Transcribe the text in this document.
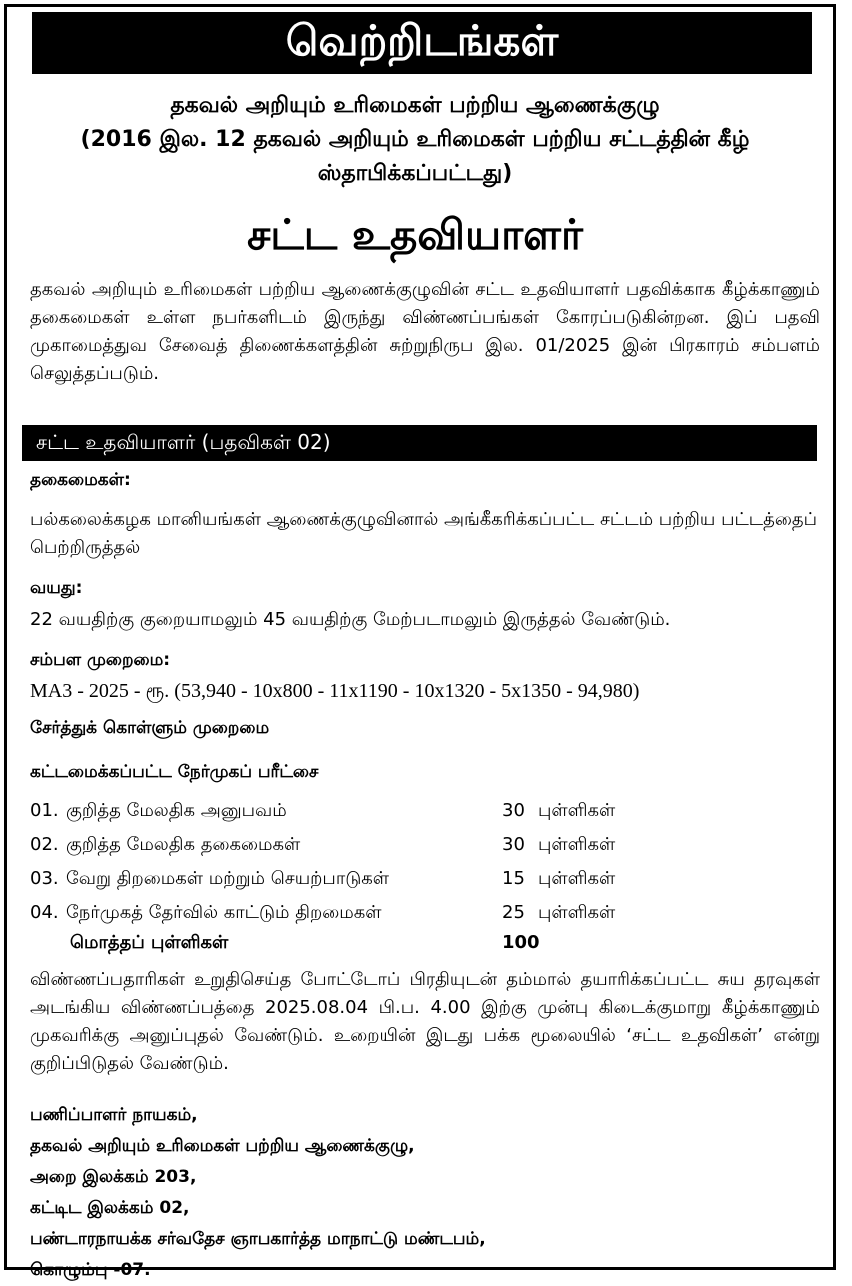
வெற்றிடங்கள்
தகவல் அறியும் உரிமைகள் பற்றிய ஆணைக்குழு
(2016 இல. 12 தகவல் அறியும் உரிமைகள் பற்றிய சட்டத்தின் கீழ்
ஸ்தாபிக்கப்பட்டது)
சட்ட உதவியாளர்
தகவல் அறியும் உரிமைகள் பற்றிய ஆணைக்குழுவின் சட்ட உதவியாளர் பதவிக்காக கீழ்க்காணும் தகைமைகள் உள்ள நபர்களிடம் இருந்து விண்ணப்பங்கள் கோரப்படுகின்றன. இப் பதவி முகாமைத்துவ சேவைத் திணைக்களத்தின் சுற்றுநிருப இல. 01/2025 இன் பிரகாரம் சம்பளம் செலுத்தப்படும்.
சட்ட உதவியாளர் (பதவிகள் 02)
தகைமைகள்:
பல்கலைக்கழக மானியங்கள் ஆணைக்குழுவினால் அங்கீகரிக்கப்பட்ட சட்டம் பற்றிய பட்டத்தைப் பெற்றிருத்தல்
வயது:
22 வயதிற்கு குறையாமலும் 45 வயதிற்கு மேற்படாமலும் இருத்தல் வேண்டும்.
சம்பள முறைமை:
MA3 - 2025 - ரூ. (53,940 - 10x800 - 11x1190 - 10x1320 - 5x1350 - 94,980)
சேர்த்துக் கொள்ளும் முறைமை
கட்டமைக்கப்பட்ட நேர்முகப் பரீட்சை
01. குறித்த மேலதிக அனுபவம்	30 புள்ளிகள்
02. குறித்த மேலதிக தகைமைகள்	30 புள்ளிகள்
03. வேறு திறமைகள் மற்றும் செயற்பாடுகள்	15 புள்ளிகள்
04. நேர்முகத் தேர்வில் காட்டும் திறமைகள்	25 புள்ளிகள்
மொத்தப் புள்ளிகள்	100
விண்ணப்பதாரிகள் உறுதிசெய்த போட்டோப் பிரதியுடன் தம்மால் தயாரிக்கப்பட்ட சுய தரவுகள் அடங்கிய விண்ணப்பத்தை 2025.08.04 பி.ப. 4.00 இற்கு முன்பு கிடைக்குமாறு கீழ்க்காணும் முகவரிக்கு அனுப்புதல் வேண்டும். உறையின் இடது பக்க மூலையில் ‘சட்ட உதவிகள்’ என்று குறிப்பிடுதல் வேண்டும்.
பணிப்பாளர் நாயகம்,
தகவல் அறியும் உரிமைகள் பற்றிய ஆணைக்குழு,
அறை இலக்கம் 203,
கட்டிட இலக்கம் 02,
பண்டாரநாயக்க சர்வதேச ஞாபகார்த்த மாநாட்டு மண்டபம்,
கொழும்பு -07.
